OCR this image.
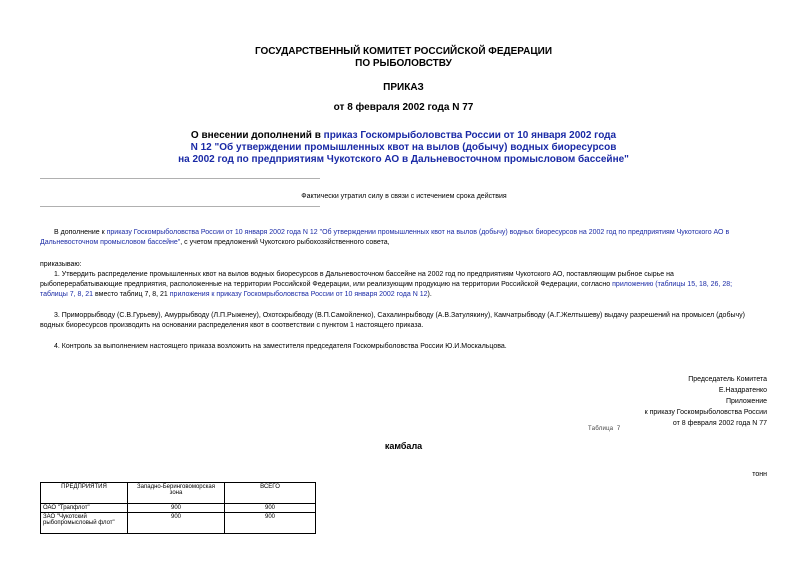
ГОСУДАРСТВЕННЫЙ КОМИТЕТ РОССИЙСКОЙ ФЕДЕРАЦИИ
ПО РЫБОЛОВСТВУ
ПРИКАЗ
от 8 февраля 2002 года N 77
О внесении дополнений в приказ Госкомрыболовства России от 10 января 2002 года
N 12 "Об утверждении промышленных квот на вылов (добычу) водных биоресурсов
на 2002 год по предприятиям Чукотского АО в Дальневосточном промысловом бассейне"
Фактически утратил силу в связи с истечением срока действия
В дополнение к приказу Госкомрыболовства России от 10 января 2002 года N 12 "Об утверждении промышленных квот на вылов (добычу) водных биоресурсов на 2002 год по предприятиям Чукотского АО в
Дальневосточном промысловом бассейне", с учетом предложений Чукотского рыбохозяйственного совета,
приказываю:
1. Утвердить распределение промышленных квот на вылов водных биоресурсов в Дальневосточном бассейне на 2002 год по предприятиям Чукотского АО, поставляющим рыбное сырье на
рыбоперерабатывающие предприятия, расположенные на территории Российской Федерации, или реализующим продукцию на территории Российской Федерации, согласно приложению (таблицы 15, 18, 26, 28;
таблицы 7, 8, 21 вместо таблиц 7, 8, 21 приложения к приказу Госкомрыболовства России от 10 января 2002 года N 12).
3. Приморрыбводу (С.В.Гурьеву), Амуррыбводу (Л.П.Рыженеу), Охотскрыбводу (В.П.Самойленко), Сахалинрыбводу (А.В.Затулякину), Камчатрыбводу (А.Г.Желтышеву) выдачу разрешений на промысел (добычу)
водных биоресурсов производить на основании распределения квот в соответствии с пунктом 1 настоящего приказа.
4. Контроль за выполнением настоящего приказа возложить на заместителя председателя Госкомрыболовства России Ю.И.Москальцова.
Председатель Комитета
Е.Наздратенко
Приложение
к приказу Госкомрыболовства России
от 8 февраля 2002 года N 77
Таблица 7
камбала
тонн
ПРЕДПРИЯТИЯ	Западно-Беринговоморская зона	ВСЕГО
ОАО "Трапфлот"	900	900
ЗАО "Чукотский рыбопромысловый флот"	900	900
